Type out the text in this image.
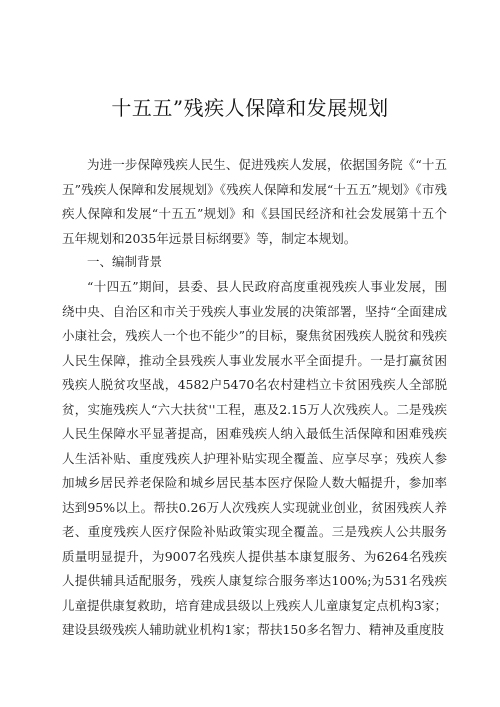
十五五”残疾人保障和发展规划

为进一步保障残疾人民生、促进残疾人发展，依据国务院《“十五五”残疾人保障和发展规划》《残疾人保障和发展“十五五”规划》《市残疾人保障和发展“十五五”规划》和《县国民经济和社会发展第十五个五年规划和2035年远景目标纲要》等，制定本规划。

一、编制背景

“十四五”期间，县委、县人民政府高度重视残疾人事业发展，围绕中央、自治区和市关于残疾人事业发展的决策部署，坚持“全面建成小康社会，残疾人一个也不能少”的目标，聚焦贫困残疾人脱贫和残疾人民生保障，推动全县残疾人事业发展水平全面提升。一是打赢贫困残疾人脱贫攻坚战，4582户5470名农村建档立卡贫困残疾人全部脱贫，实施残疾人“六大扶贫''工程，惠及2.15万人次残疾人。二是残疾人民生保障水平显著提高，困难残疾人纳入最低生活保障和困难残疾人生活补贴、重度残疾人护理补贴实现全覆盖、应享尽享；残疾人参加城乡居民养老保险和城乡居民基本医疗保险人数大幅提升，参加率达到95%以上。帮扶0.26万人次残疾人实现就业创业，贫困残疾人养老、重度残疾人医疗保险补贴政策实现全覆盖。三是残疾人公共服务质量明显提升，为9007名残疾人提供基本康复服务、为6264名残疾人提供辅具适配服务，残疾人康复综合服务率达100%;为531名残疾儿童提供康复救助，培育建成县级以上残疾人儿童康复定点机构3家；建设县级残疾人辅助就业机构1家；帮扶150多名智力、精神及重度肢
